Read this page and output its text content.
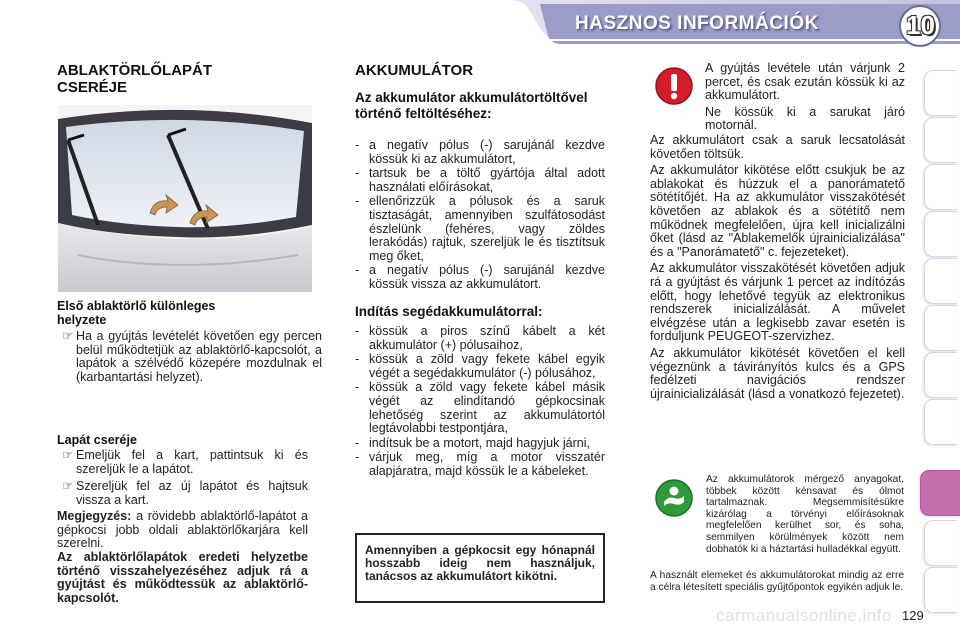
HASZNOS INFORMÁCIÓK	10
ABLAKTÖRLŐLAPÁT
CSERÉJE
Első ablaktörlő különleges
helyzete
☞ Ha a gyújtás levételét követően egy percen belül működtetjük az ablaktörlő-kapcsolót, a lapátok a szélvédő közepére mozdulnak el (karbantartási helyzet).
Lapát cseréje
☞ Emeljük fel a kart, pattintsuk ki és szereljük le a lapátot.
☞ Szereljük fel az új lapátot és hajtsuk vissza a kart.
Megjegyzés: a rövidebb ablaktörlő-lapátot a gépkocsi jobb oldali ablaktörlőkarjára kell szerelni.
Az ablaktörlőlapátok eredeti helyzetbe történő visszahelyezéséhez adjuk rá a gyújtást és működtessük az ablaktörlő-kapcsolót.
AKKUMULÁTOR
Az akkumulátor akkumulátortöltővel történő feltöltéséhez:
- a negatív pólus (-) sarujánál kezdve kössük ki az akkumulátort,
- tartsuk be a töltő gyártója által adott használati előírásokat,
- ellenőrizzük a pólusok és a saruk tisztaságát, amennyiben szulfátosodást észlelünk (fehéres, vagy zöldes lerakódás) rajtuk, szereljük le és tisztítsuk meg őket,
- a negatív pólus (-) sarujánál kezdve kössük vissza az akkumulátort.
Indítás segédakkumulátorral:
- kössük a piros színű kábelt a két akkumulátor (+) pólusaihoz,
- kössük a zöld vagy fekete kábel egyik végét a segédakkumulátor (-) pólusához,
- kössük a zöld vagy fekete kábel másik végét az elindítandó gépkocsinak lehetőség szerint az akkumulátortól legtávolabbi testpontjára,
- indítsuk be a motort, majd hagyjuk járni,
- várjuk meg, míg a motor visszatér alapjáratra, majd kössük le a kábeleket.
Amennyiben a gépkocsit egy hónapnál hosszabb ideig nem használjuk, tanácsos az akkumulátort kikötni.
A gyújtás levétele után várjunk 2 percet, és csak ezután kössük ki az akkumulátort.
Ne kössük ki a sarukat járó motornál.
Az akkumulátort csak a saruk lecsatolását követően töltsük.
Az akkumulátor kikötése előtt csukjuk be az ablakokat és húzzuk el a panorámatető sötétítőjét. Ha az akkumulátor visszakötését követően az ablakok és a sötétítő nem működnek megfelelően, újra kell inicializálni őket (lásd az "Ablakemelők újrainicializálása" és a "Panorámatető" c. fejezeteket).
Az akkumulátor visszakötését követően adjuk rá a gyújtást és várjunk 1 percet az indítózás előtt, hogy lehetővé tegyük az elektronikus rendszerek inicializálását. A művelet elvégzése után a legkisebb zavar esetén is forduljunk PEUGEOT-szervizhez.
Az akkumulátor kikötését követően el kell végeznünk a távirányítós kulcs és a GPS fedélzeti navigációs rendszer újrainicializálását (lásd a vonatkozó fejezetet).
Az akkumulátorok mérgező anyagokat, többek között kénsavat és ólmot tartalmaznak. Megsemmisítésükre kizárólag a törvényi előírásoknak megfelelően kerülhet sor, és soha, semmilyen körülmények között nem dobhatók ki a háztartási hulladékkal együtt.
A használt elemeket és akkumulátorokat mindig az erre a célra létesített speciális gyűjtőpontok egyikén adjuk le.
carmanualsonline.info 129
